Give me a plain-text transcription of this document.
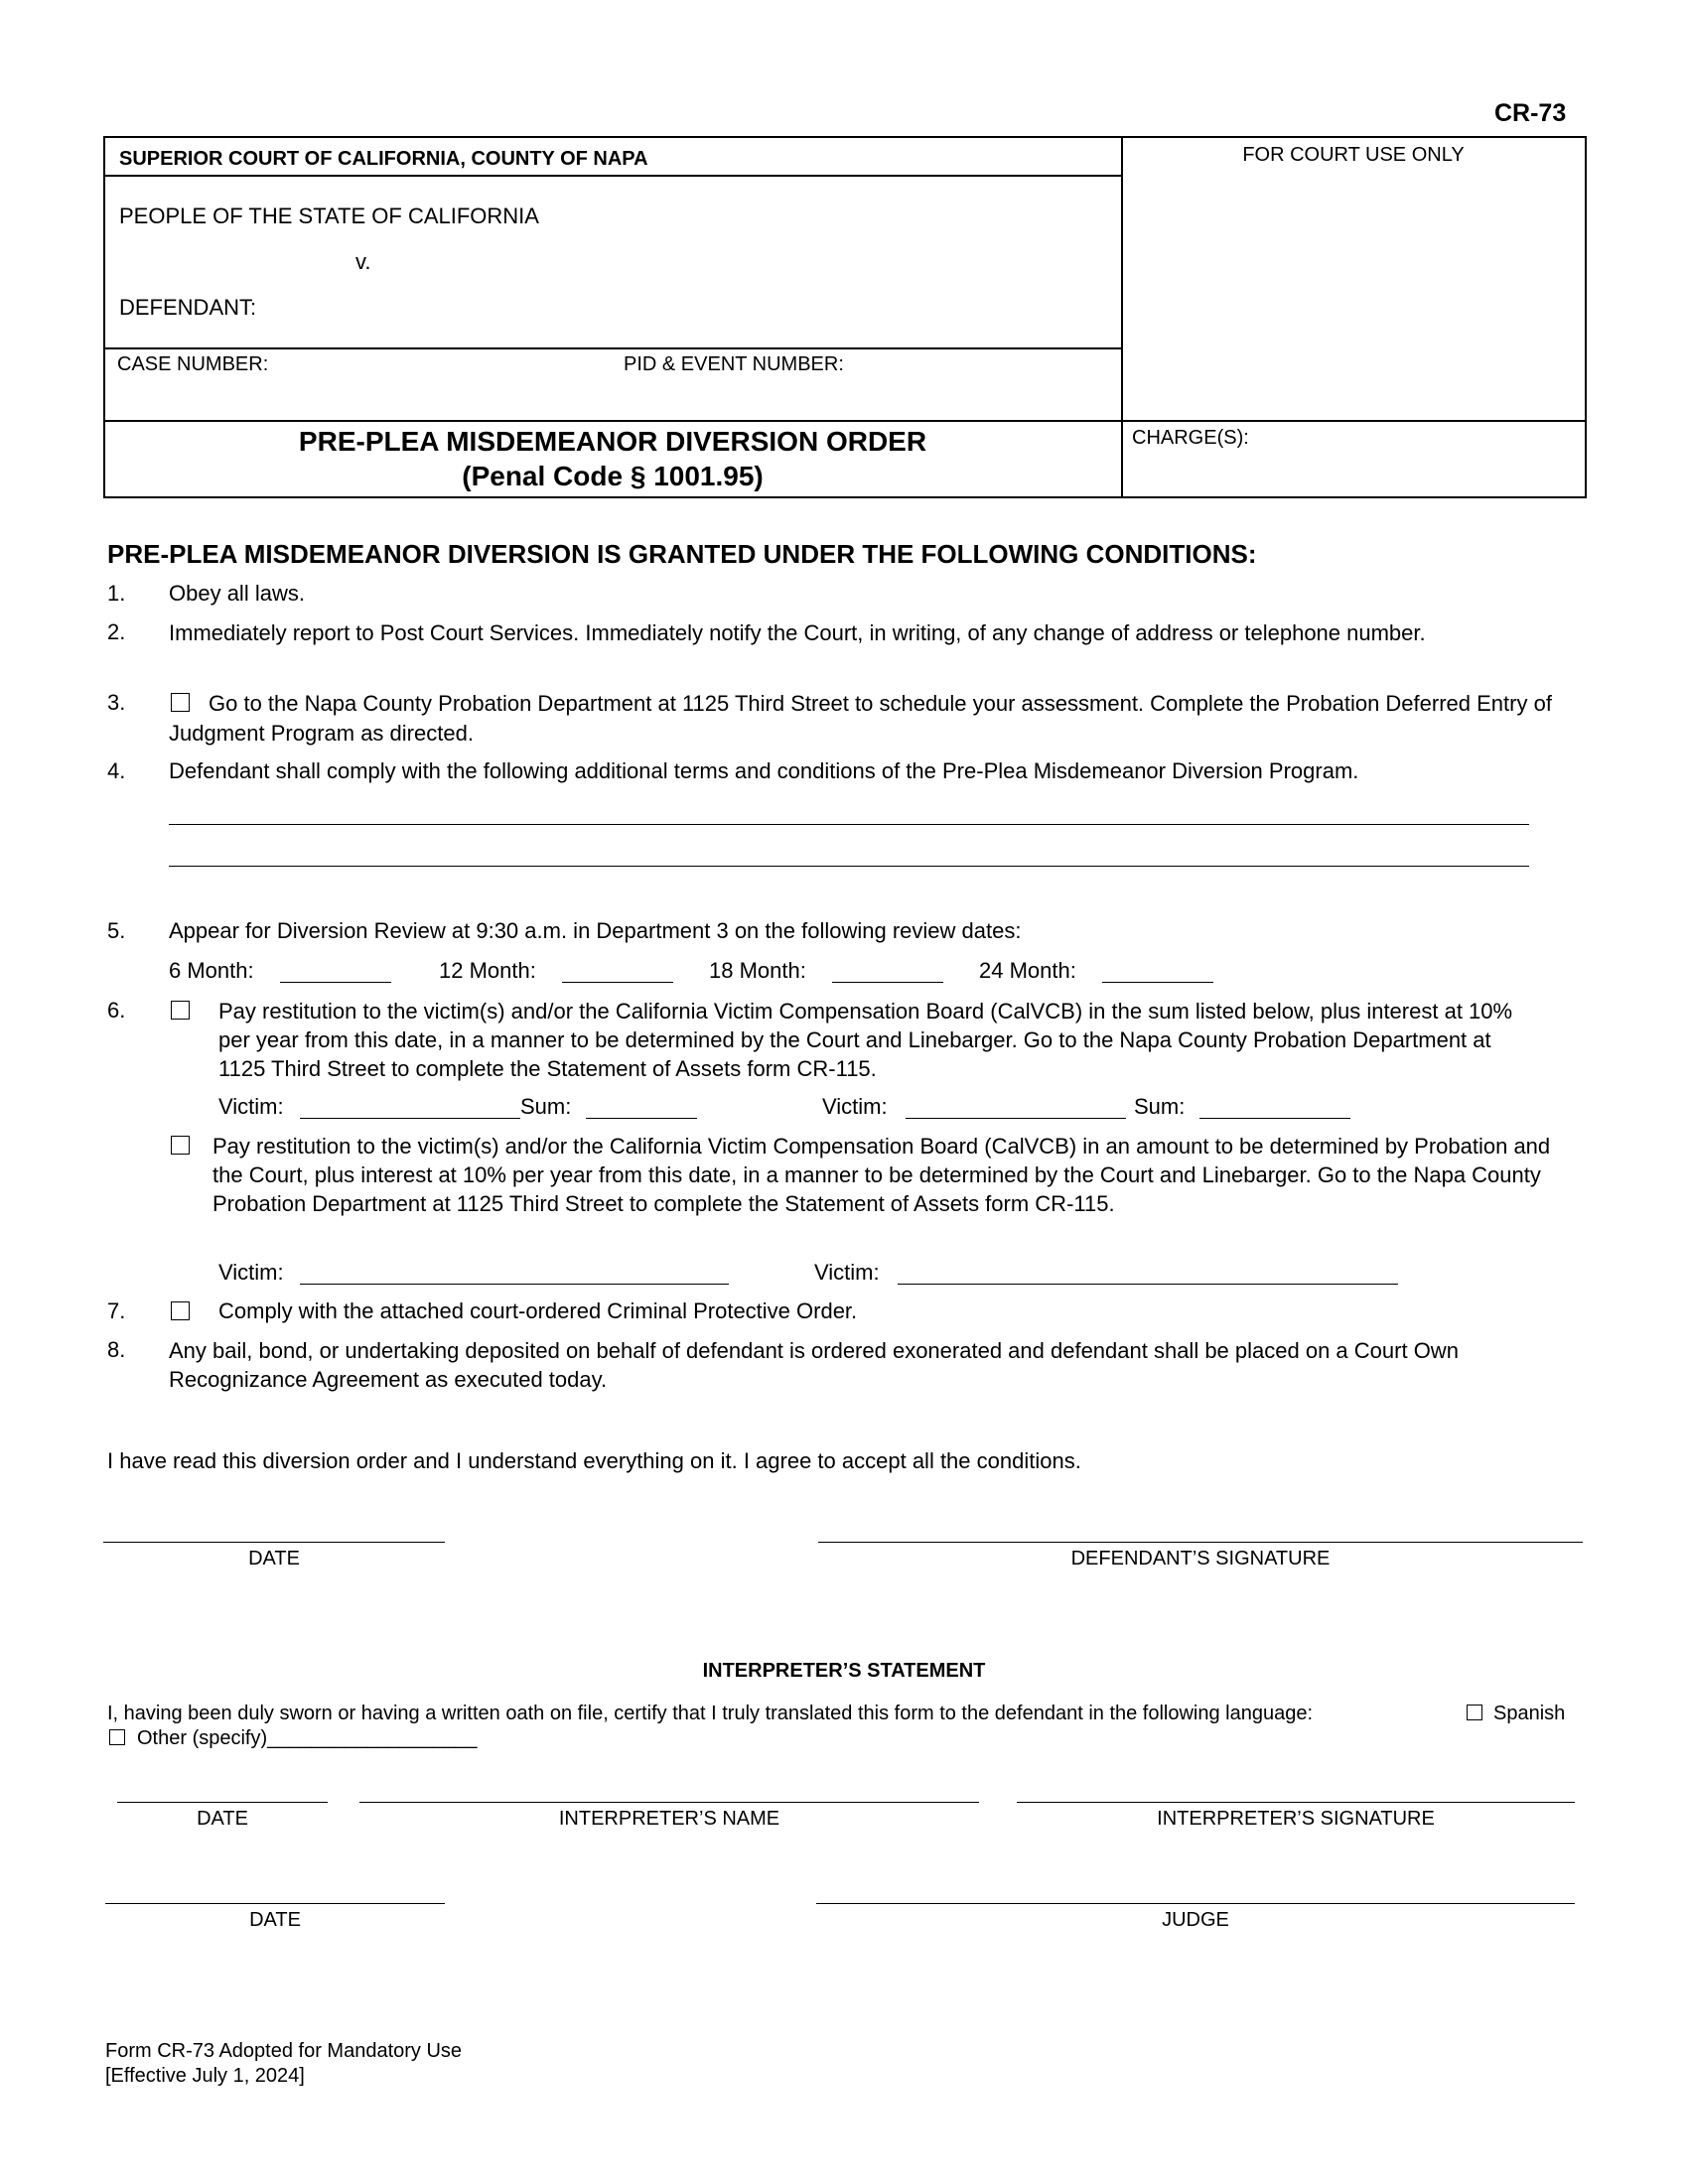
CR-73
SUPERIOR COURT OF CALIFORNIA, COUNTY OF NAPA
PEOPLE OF THE STATE OF CALIFORNIA
v.
DEFENDANT:
CASE NUMBER:	PID & EVENT NUMBER:
FOR COURT USE ONLY
PRE-PLEA MISDEMEANOR DIVERSION ORDER
(Penal Code § 1001.95)
CHARGE(S):
PRE-PLEA MISDEMEANOR DIVERSION IS GRANTED UNDER THE FOLLOWING CONDITIONS:
1. Obey all laws.
2. Immediately report to Post Court Services. Immediately notify the Court, in writing, of any change of address or telephone number.
3.	Go to the Napa County Probation Department at 1125 Third Street to schedule your assessment. Complete the Probation Deferred Entry of Judgment Program as directed.
4. Defendant shall comply with the following additional terms and conditions of the Pre-Plea Misdemeanor Diversion Program.
5. Appear for Diversion Review at 9:30 a.m. in Department 3 on the following review dates:
6 Month:	12 Month:	18 Month:	24 Month:
6.	Pay restitution to the victim(s) and/or the California Victim Compensation Board (CalVCB) in the sum listed below, plus interest at 10% per year from this date, in a manner to be determined by the Court and Linebarger. Go to the Napa County Probation Department at 1125 Third Street to complete the Statement of Assets form CR-115.
Victim:	Sum:	Victim:	Sum:
Pay restitution to the victim(s) and/or the California Victim Compensation Board (CalVCB) in an amount to be determined by Probation and the Court, plus interest at 10% per year from this date, in a manner to be determined by the Court and Linebarger. Go to the Napa County Probation Department at 1125 Third Street to complete the Statement of Assets form CR-115.
Victim:	Victim:
7.	Comply with the attached court-ordered Criminal Protective Order.
8. Any bail, bond, or undertaking deposited on behalf of defendant is ordered exonerated and defendant shall be placed on a Court Own Recognizance Agreement as executed today.
I have read this diversion order and I understand everything on it. I agree to accept all the conditions.
DATE	DEFENDANT’S SIGNATURE
INTERPRETER’S STATEMENT
I, having been duly sworn or having a written oath on file, certify that I truly translated this form to the defendant in the following language:	Spanish
Other (specify)___________________
DATE	INTERPRETER’S NAME	INTERPRETER’S SIGNATURE
DATE	JUDGE
Form CR-73 Adopted for Mandatory Use
[Effective July 1, 2024]
